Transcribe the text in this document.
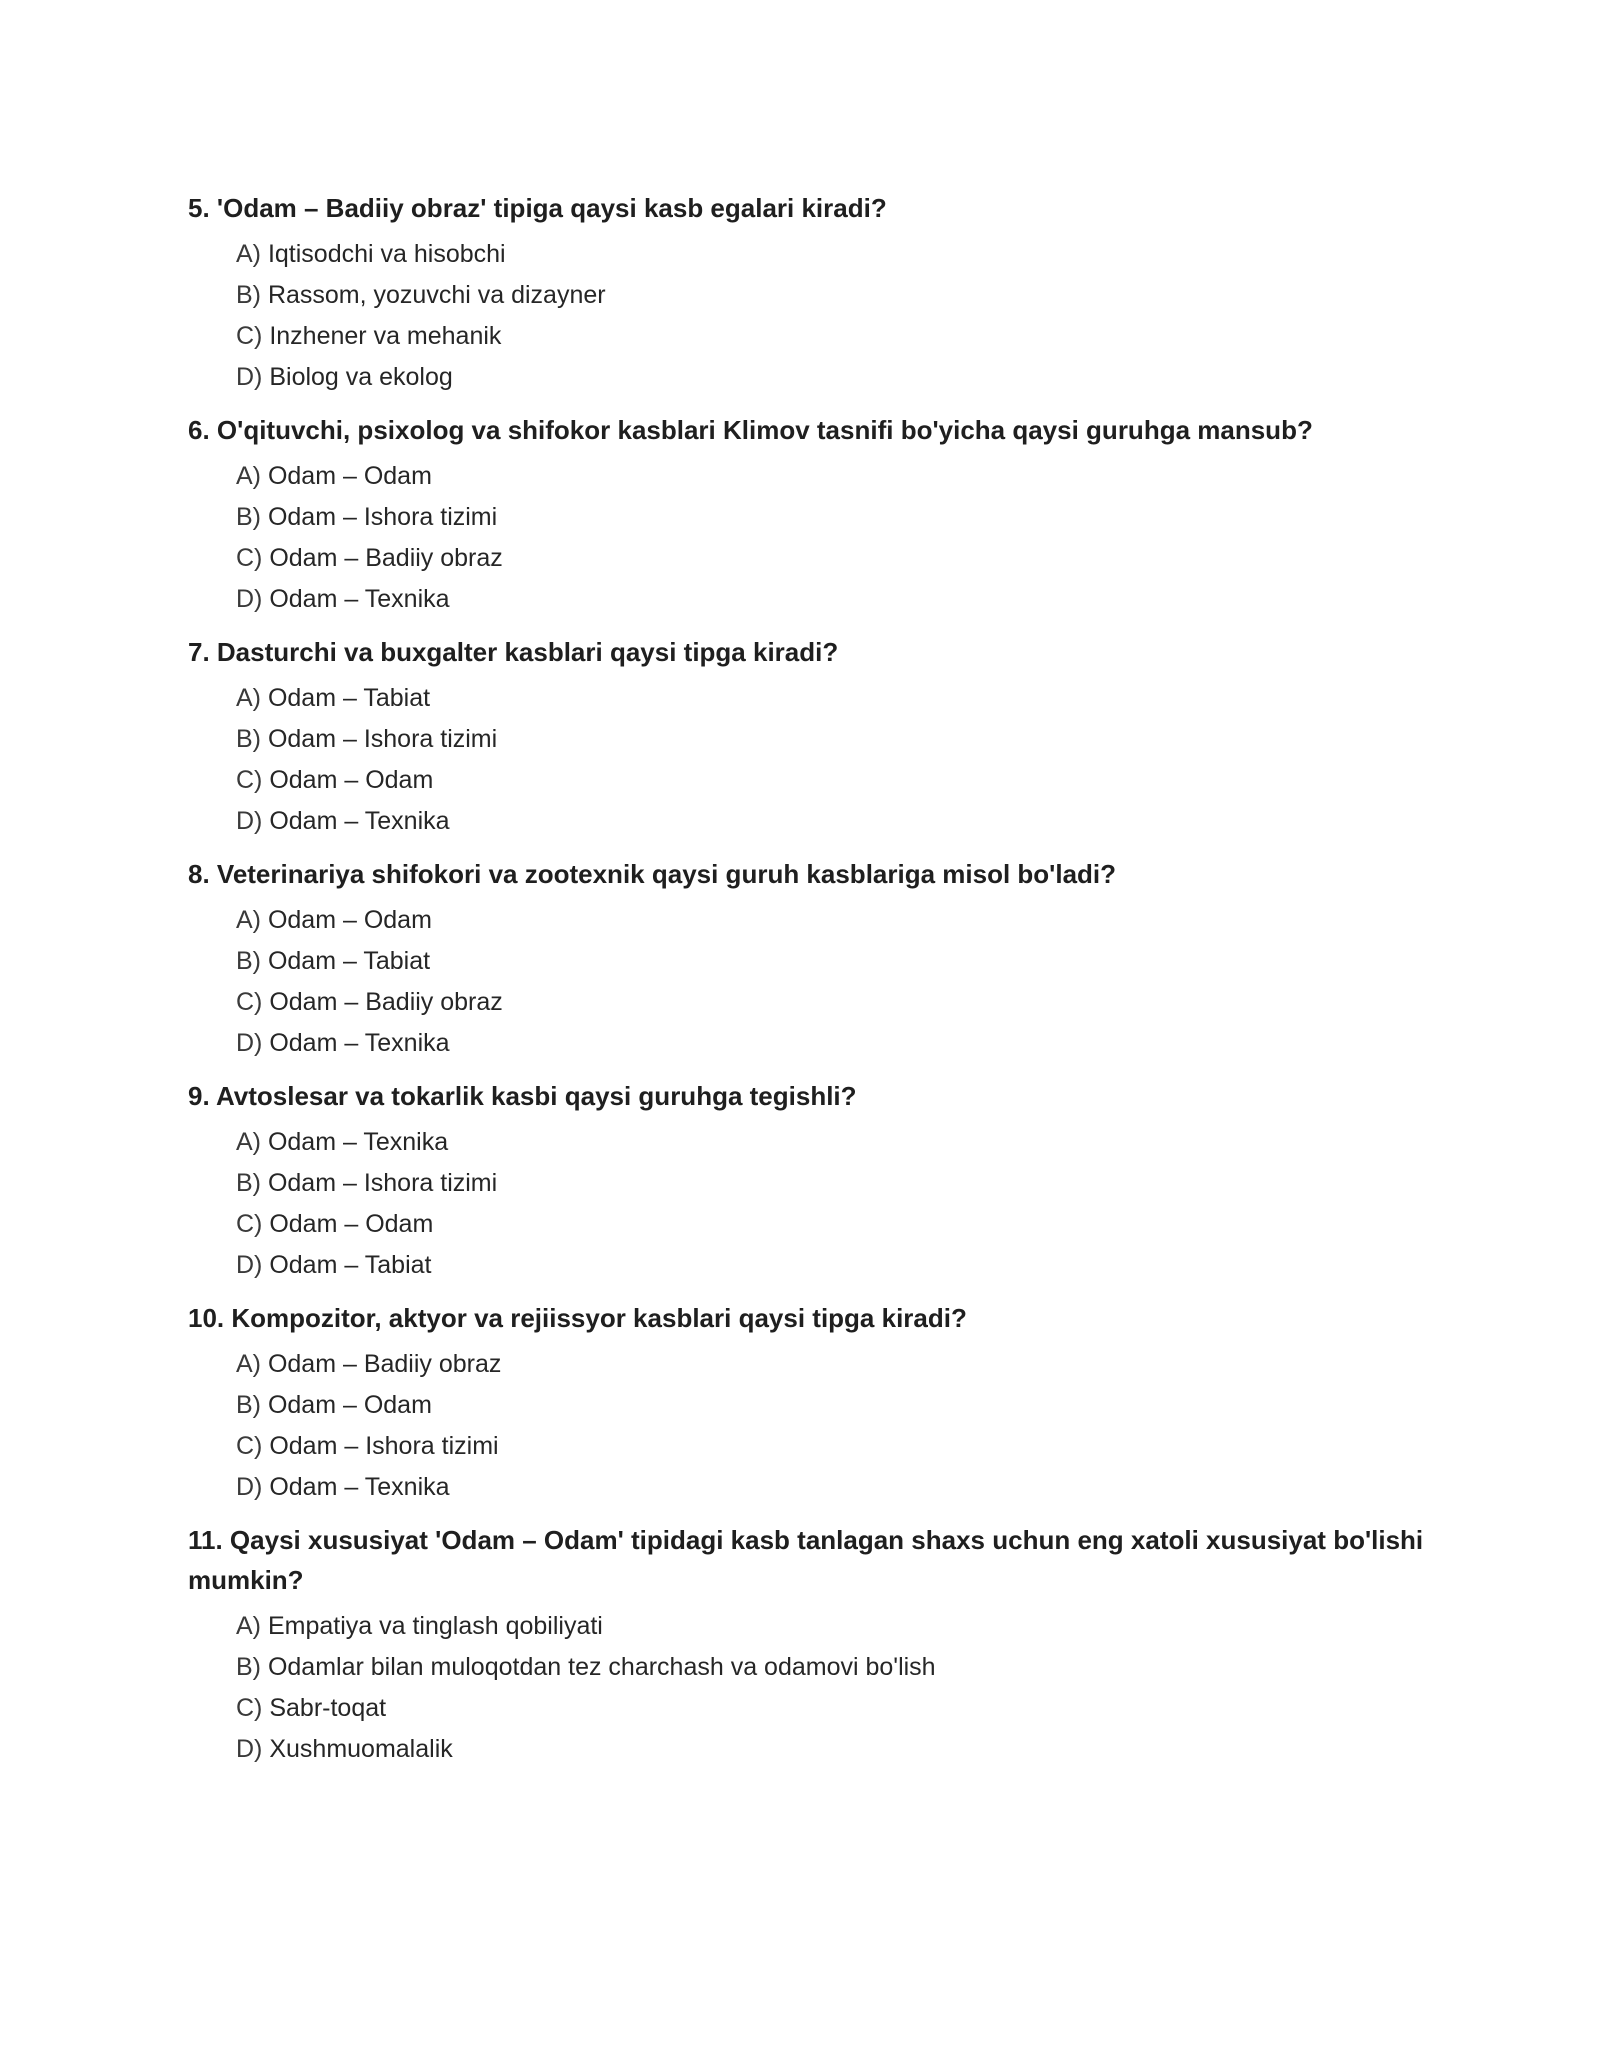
5. 'Odam – Badiiy obraz' tipiga qaysi kasb egalari kiradi?
A) Iqtisodchi va hisobchi
B) Rassom, yozuvchi va dizayner
C) Inzhener va mehanik
D) Biolog va ekolog
6. O'qituvchi, psixolog va shifokor kasblari Klimov tasnifi bo'yicha qaysi guruhga mansub?
A) Odam – Odam
B) Odam – Ishora tizimi
C) Odam – Badiiy obraz
D) Odam – Texnika
7. Dasturchi va buxgalter kasblari qaysi tipga kiradi?
A) Odam – Tabiat
B) Odam – Ishora tizimi
C) Odam – Odam
D) Odam – Texnika
8. Veterinariya shifokori va zootexnik qaysi guruh kasblariga misol bo'ladi?
A) Odam – Odam
B) Odam – Tabiat
C) Odam – Badiiy obraz
D) Odam – Texnika
9. Avtoslesar va tokarlik kasbi qaysi guruhga tegishli?
A) Odam – Texnika
B) Odam – Ishora tizimi
C) Odam – Odam
D) Odam – Tabiat
10. Kompozitor, aktyor va rejiissyor kasblari qaysi tipga kiradi?
A) Odam – Badiiy obraz
B) Odam – Odam
C) Odam – Ishora tizimi
D) Odam – Texnika
11. Qaysi xususiyat 'Odam – Odam' tipidagi kasb tanlagan shaxs uchun eng xatoli xususiyat bo'lishi mumkin?
A) Empatiya va tinglash qobiliyati
B) Odamlar bilan muloqotdan tez charchash va odamovi bo'lish
C) Sabr-toqat
D) Xushmuomalalik
